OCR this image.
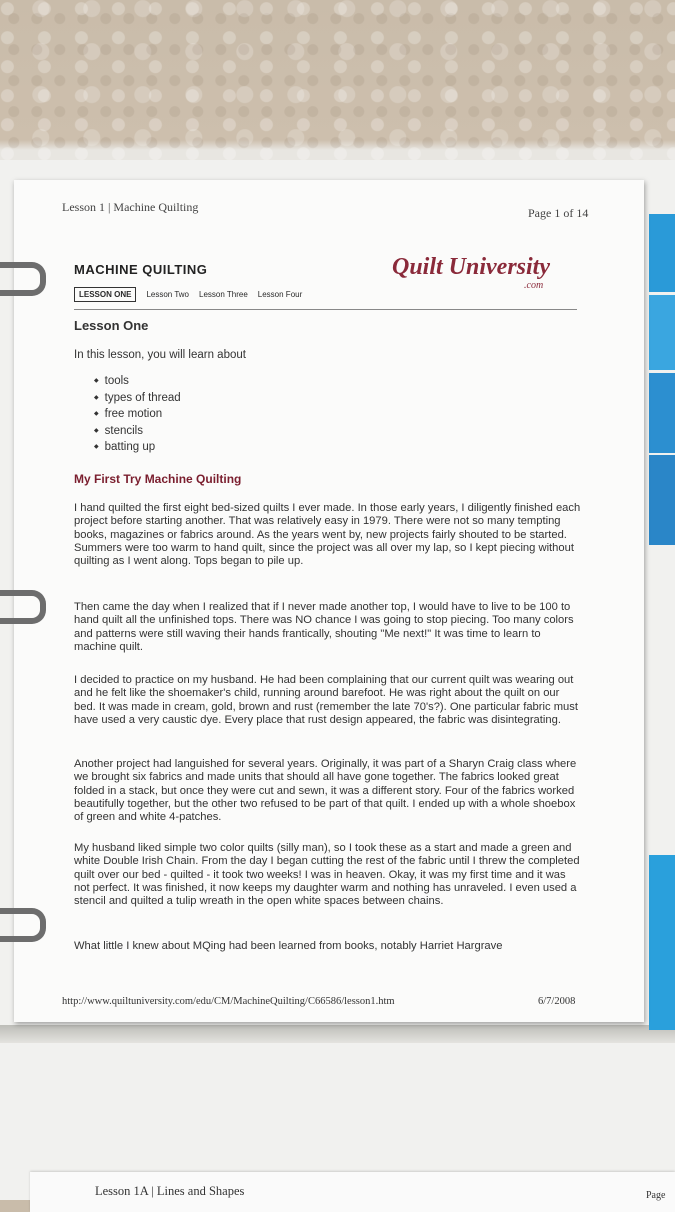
Lesson 1 | Machine Quilting	Page 1 of 14
MACHINE QUILTING	Quilt University
.com
LESSON ONE	Lesson Two Lesson Three Lesson Four
Lesson One
In this lesson, you will learn about
◆ tools
◆ types of thread
◆ free motion
◆ stencils
◆ batting up
My First Try Machine Quilting

I hand quilted the first eight bed-sized quilts I ever made. In those early years, I diligently finished each project before starting another. That was relatively easy in 1979. There were not so many tempting books, magazines or fabrics around. As the years went by, new projects fairly shouted to be started. Summers were too warm to hand quilt, since the project was all over my lap, so I kept piecing without quilting as I went along. Tops began to pile up.

Then came the day when I realized that if I never made another top, I would have to live to be 100 to hand quilt all the unfinished tops. There was NO chance I was going to stop piecing. Too many colors and patterns were still waving their hands frantically, shouting "Me next!" It was time to learn to machine quilt.

I decided to practice on my husband. He had been complaining that our current quilt was wearing out and he felt like the shoemaker's child, running around barefoot. He was right about the quilt on our bed. It was made in cream, gold, brown and rust (remember the late 70's?). One particular fabric must have used a very caustic dye. Every place that rust design appeared, the fabric was disintegrating.

Another project had languished for several years. Originally, it was part of a Sharyn Craig class where we brought six fabrics and made units that should all have gone together. The fabrics looked great folded in a stack, but once they were cut and sewn, it was a different story. Four of the fabrics worked beautifully together, but the other two refused to be part of that quilt. I ended up with a whole shoebox of green and white 4-patches.

My husband liked simple two color quilts (silly man), so I took these as a start and made a green and white Double Irish Chain. From the day I began cutting the rest of the fabric until I threw the completed quilt over our bed - quilted - it took two weeks! I was in heaven. Okay, it was my first time and it was not perfect. It was finished, it now keeps my daughter warm and nothing has unraveled. I even used a stencil and quilted a tulip wreath in the open white spaces between chains.

What little I knew about MQing had been learned from books, notably Harriet Hargrave

http://www.quiltuniversity.com/edu/CM/MachineQuilting/C66586/lesson1.htm	6/7/2008
Lesson 1A | Lines and Shapes	Page
